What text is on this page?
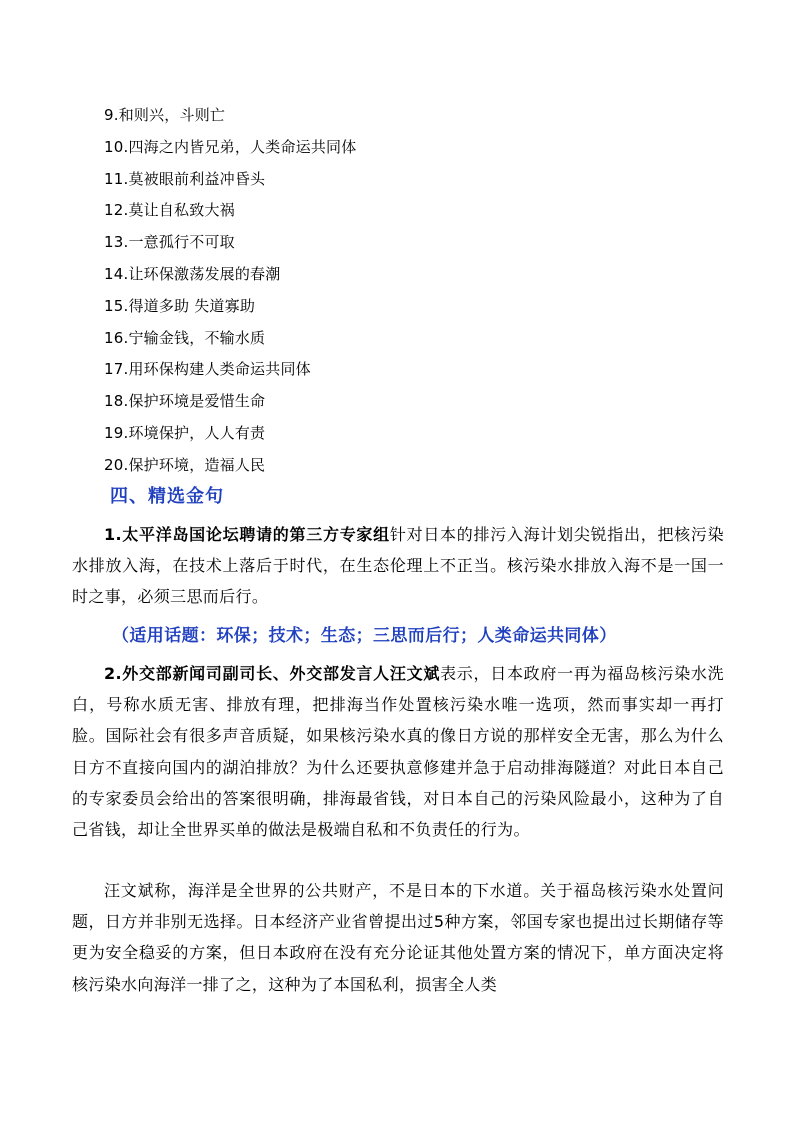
9.和则兴，斗则亡
10.四海之内皆兄弟，人类命运共同体
11.莫被眼前利益冲昏头
12.莫让自私致大祸
13.一意孤行不可取
14.让环保激荡发展的春潮
15.得道多助 失道寡助
16.宁输金钱，不输水质
17.用环保构建人类命运共同体
18.保护环境是爱惜生命
19.环境保护，人人有责
20.保护环境，造福人民
四、精选金句

1.太平洋岛国论坛聘请的第三方专家组针对日本的排污入海计划尖锐指出，把核污染水排放入海，在技术上落后于时代，在生态伦理上不正当。核污染水排放入海不是一国一时之事，必须三思而后行。

（适用话题：环保；技术；生态；三思而后行；人类命运共同体）

2.外交部新闻司副司长、外交部发言人汪文斌表示，日本政府一再为福岛核污染水洗白，号称水质无害、排放有理，把排海当作处置核污染水唯一选项，然而事实却一再打脸。国际社会有很多声音质疑，如果核污染水真的像日方说的那样安全无害，那么为什么日方不直接向国内的湖泊排放？为什么还要执意修建并急于启动排海隧道？对此日本自己的专家委员会给出的答案很明确，排海最省钱，对日本自己的污染风险最小，这种为了自己省钱，却让全世界买单的做法是极端自私和不负责任的行为。

汪文斌称，海洋是全世界的公共财产，不是日本的下水道。关于福岛核污染水处置问题，日方并非别无选择。日本经济产业省曾提出过5种方案，邻国专家也提出过长期储存等更为安全稳妥的方案，但日本政府在没有充分论证其他处置方案的情况下，单方面决定将核污染水向海洋一排了之，这种为了本国私利，损害全人类
